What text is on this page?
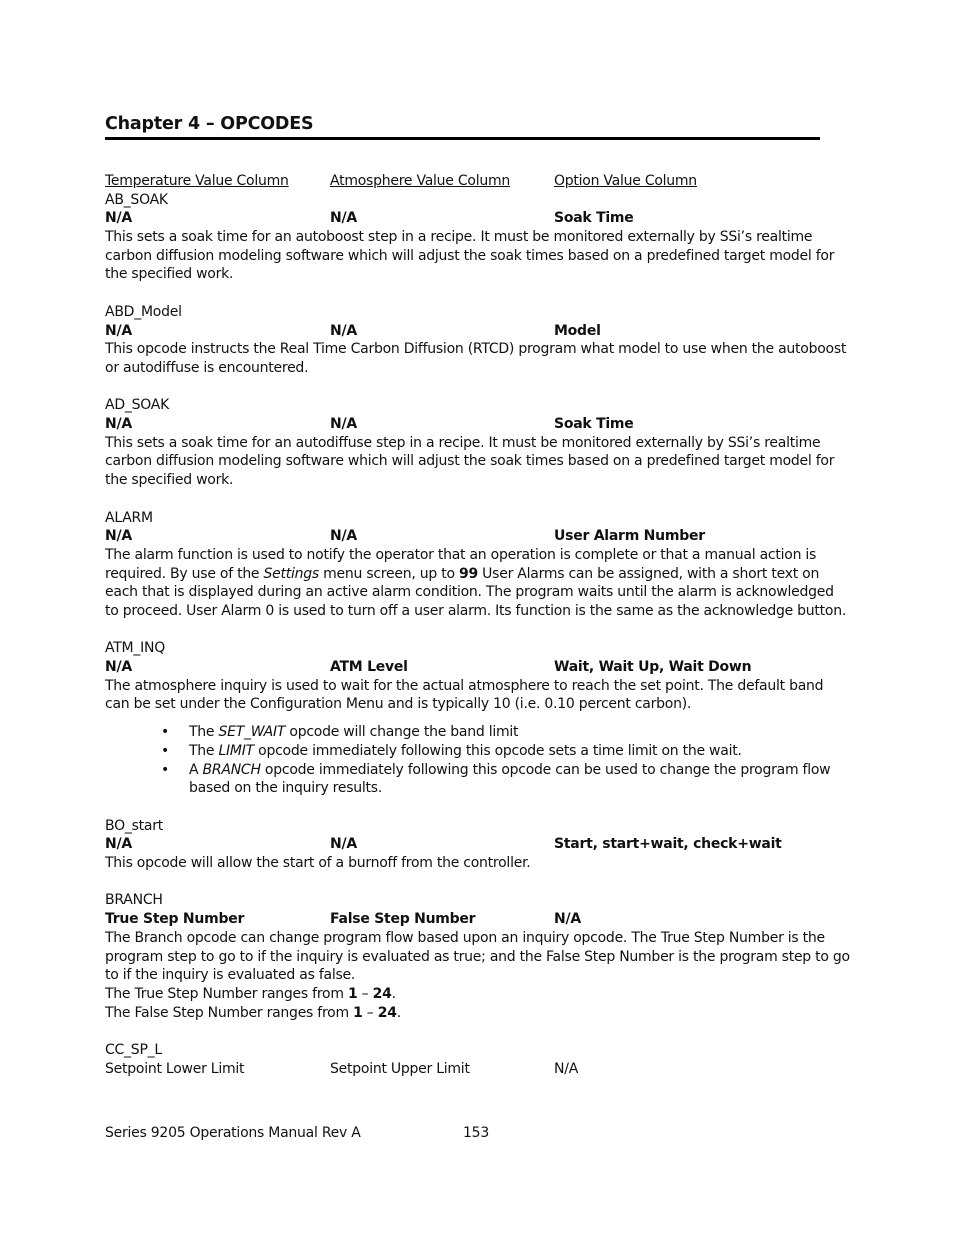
Chapter 4 – OPCODES
Temperature Value Column	Atmosphere Value Column	Option Value Column
AB_SOAK
N/A	N/A	Soak Time

This sets a soak time for an autoboost step in a recipe. It must be monitored externally by SSi’s realtime carbon diffusion modeling software which will adjust the soak times based on a predefined target model for the specified work.

ABD_Model
N/A	N/A	Model

This opcode instructs the Real Time Carbon Diffusion (RTCD) program what model to use when the autoboost or autodiffuse is encountered.

AD_SOAK
N/A	N/A	Soak Time

This sets a soak time for an autodiffuse step in a recipe. It must be monitored externally by SSi’s realtime carbon diffusion modeling software which will adjust the soak times based on a predefined target model for the specified work.

ALARM
N/A	N/A	User Alarm Number

The alarm function is used to notify the operator that an operation is complete or that a manual action is required. By use of the Settings menu screen, up to 99 User Alarms can be assigned, with a short text on each that is displayed during an active alarm condition. The program waits until the alarm is acknowledged to proceed. User Alarm 0 is used to turn off a user alarm. Its function is the same as the acknowledge button.

ATM_INQ
N/A	ATM Level	Wait, Wait Up, Wait Down

The atmosphere inquiry is used to wait for the actual atmosphere to reach the set point. The default band can be set under the Configuration Menu and is typically 10 (i.e. 0.10 percent carbon).

• The SET_WAIT opcode will change the band limit
• The LIMIT opcode immediately following this opcode sets a time limit on the wait.
• A BRANCH opcode immediately following this opcode can be used to change the program flow based on the inquiry results.
BO_start
N/A	N/A	Start, start+wait, check+wait

This opcode will allow the start of a burnoff from the controller.

BRANCH
True Step Number	False Step Number	N/A

The Branch opcode can change program flow based upon an inquiry opcode. The True Step Number is the program step to go to if the inquiry is evaluated as true; and the False Step Number is the program step to go to if the inquiry is evaluated as false.

The True Step Number ranges from 1 – 24.

The False Step Number ranges from 1 – 24.

CC_SP_L
Setpoint Lower Limit	Setpoint Upper Limit	N/A
Series 9205 Operations Manual Rev A	153
